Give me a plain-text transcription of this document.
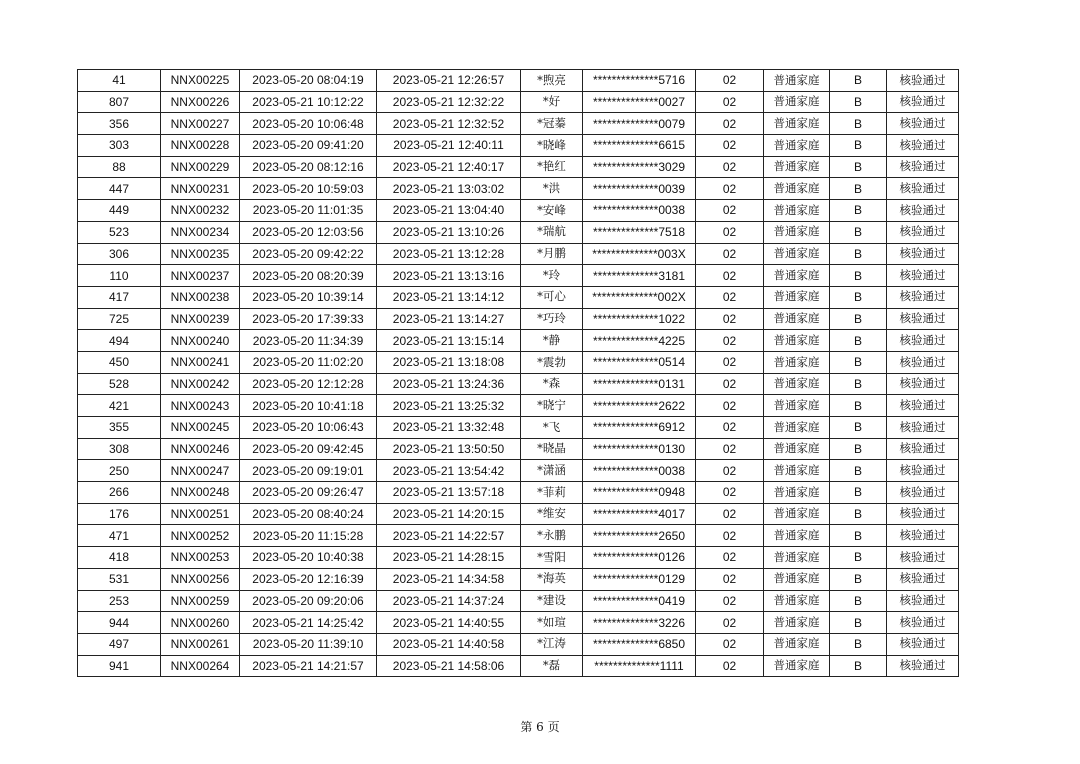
41	NNX00225	2023-05-20 08:04:19	2023-05-21 12:26:57	*煦亮	**************5716	02	普通家庭	B	核验通过
807	NNX00226	2023-05-21 10:12:22	2023-05-21 12:32:22	*好	**************0027	02	普通家庭	B	核验通过
356	NNX00227	2023-05-20 10:06:48	2023-05-21 12:32:52	*冠蓁	**************0079	02	普通家庭	B	核验通过
303	NNX00228	2023-05-20 09:41:20	2023-05-21 12:40:11	*晓峰	**************6615	02	普通家庭	B	核验通过
88	NNX00229	2023-05-20 08:12:16	2023-05-21 12:40:17	*艳红	**************3029	02	普通家庭	B	核验通过
447	NNX00231	2023-05-20 10:59:03	2023-05-21 13:03:02	*洪	**************0039	02	普通家庭	B	核验通过
449	NNX00232	2023-05-20 11:01:35	2023-05-21 13:04:40	*安峰	**************0038	02	普通家庭	B	核验通过
523	NNX00234	2023-05-20 12:03:56	2023-05-21 13:10:26	*瑞航	**************7518	02	普通家庭	B	核验通过
306	NNX00235	2023-05-20 09:42:22	2023-05-21 13:12:28	*月鹏	**************003X	02	普通家庭	B	核验通过
110	NNX00237	2023-05-20 08:20:39	2023-05-21 13:13:16	*玲	**************3181	02	普通家庭	B	核验通过
417	NNX00238	2023-05-20 10:39:14	2023-05-21 13:14:12	*可心	**************002X	02	普通家庭	B	核验通过
725	NNX00239	2023-05-20 17:39:33	2023-05-21 13:14:27	*巧玲	**************1022	02	普通家庭	B	核验通过
494	NNX00240	2023-05-20 11:34:39	2023-05-21 13:15:14	*静	**************4225	02	普通家庭	B	核验通过
450	NNX00241	2023-05-20 11:02:20	2023-05-21 13:18:08	*震勃	**************0514	02	普通家庭	B	核验通过
528	NNX00242	2023-05-20 12:12:28	2023-05-21 13:24:36	*森	**************0131	02	普通家庭	B	核验通过
421	NNX00243	2023-05-20 10:41:18	2023-05-21 13:25:32	*晓宁	**************2622	02	普通家庭	B	核验通过
355	NNX00245	2023-05-20 10:06:43	2023-05-21 13:32:48	*飞	**************6912	02	普通家庭	B	核验通过
308	NNX00246	2023-05-20 09:42:45	2023-05-21 13:50:50	*晓晶	**************0130	02	普通家庭	B	核验通过
250	NNX00247	2023-05-20 09:19:01	2023-05-21 13:54:42	*潇涵	**************0038	02	普通家庭	B	核验通过
266	NNX00248	2023-05-20 09:26:47	2023-05-21 13:57:18	*菲莉	**************0948	02	普通家庭	B	核验通过
176	NNX00251	2023-05-20 08:40:24	2023-05-21 14:20:15	*维安	**************4017	02	普通家庭	B	核验通过
471	NNX00252	2023-05-20 11:15:28	2023-05-21 14:22:57	*永鹏	**************2650	02	普通家庭	B	核验通过
418	NNX00253	2023-05-20 10:40:38	2023-05-21 14:28:15	*雪阳	**************0126	02	普通家庭	B	核验通过
531	NNX00256	2023-05-20 12:16:39	2023-05-21 14:34:58	*海英	**************0129	02	普通家庭	B	核验通过
253	NNX00259	2023-05-20 09:20:06	2023-05-21 14:37:24	*建设	**************0419	02	普通家庭	B	核验通过
944	NNX00260	2023-05-21 14:25:42	2023-05-21 14:40:55	*如瑄	**************3226	02	普通家庭	B	核验通过
497	NNX00261	2023-05-20 11:39:10	2023-05-21 14:40:58	*江涛	**************6850	02	普通家庭	B	核验通过
941	NNX00264	2023-05-21 14:21:57	2023-05-21 14:58:06	*磊	**************1111	02	普通家庭	B	核验通过
第 6 页
